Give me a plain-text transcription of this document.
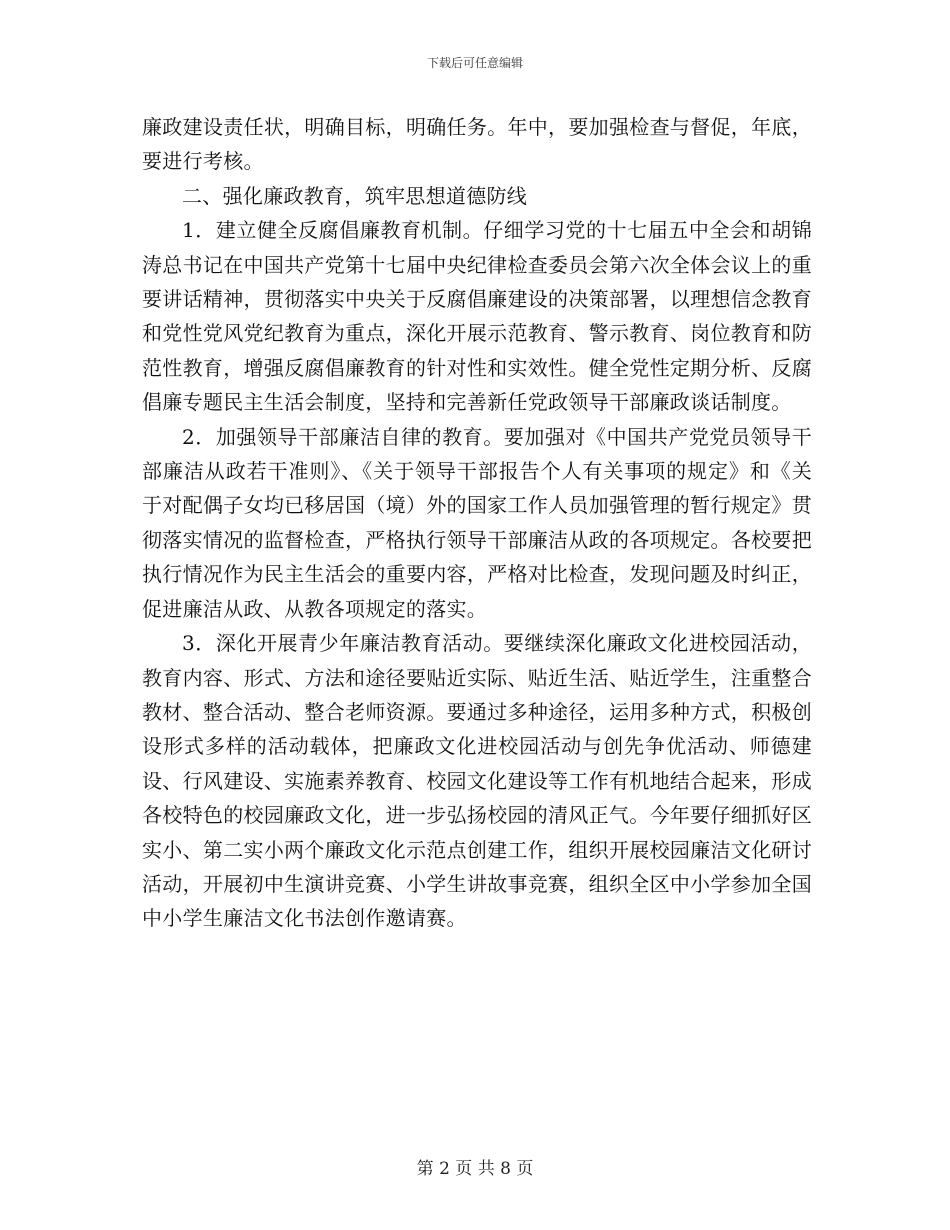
下载后可任意编辑

廉政建设责任状，明确目标，明确任务。年中，要加强检查与督促，年底，要进行考核。

二、强化廉政教育，筑牢思想道德防线

1．建立健全反腐倡廉教育机制。仔细学习党的十七届五中全会和胡锦涛总书记在中国共产党第十七届中央纪律检查委员会第六次全体会议上的重要讲话精神，贯彻落实中央关于反腐倡廉建设的决策部署，以理想信念教育和党性党风党纪教育为重点，深化开展示范教育、警示教育、岗位教育和防范性教育，增强反腐倡廉教育的针对性和实效性。健全党性定期分析、反腐倡廉专题民主生活会制度，坚持和完善新任党政领导干部廉政谈话制度。

2．加强领导干部廉洁自律的教育。要加强对《中国共产党党员领导干部廉洁从政若干准则》、《关于领导干部报告个人有关事项的规定》和《关于对配偶子女均已移居国（境）外的国家工作人员加强管理的暂行规定》贯彻落实情况的监督检查，严格执行领导干部廉洁从政的各项规定。各校要把执行情况作为民主生活会的重要内容，严格对比检查，发现问题及时纠正，促进廉洁从政、从教各项规定的落实。

3．深化开展青少年廉洁教育活动。要继续深化廉政文化进校园活动，教育内容、形式、方法和途径要贴近实际、贴近生活、贴近学生，注重整合教材、整合活动、整合老师资源。要通过多种途径，运用多种方式，积极创设形式多样的活动载体，把廉政文化进校园活动与创先争优活动、师德建设、行风建设、实施素养教育、校园文化建设等工作有机地结合起来，形成各校特色的校园廉政文化，进一步弘扬校园的清风正气。今年要仔细抓好区实小、第二实小两个廉政文化示范点创建工作，组织开展校园廉洁文化研讨活动，开展初中生演讲竞赛、小学生讲故事竞赛，组织全区中小学参加全国中小学生廉洁文化书法创作邀请赛。

第 2 页 共 8 页
